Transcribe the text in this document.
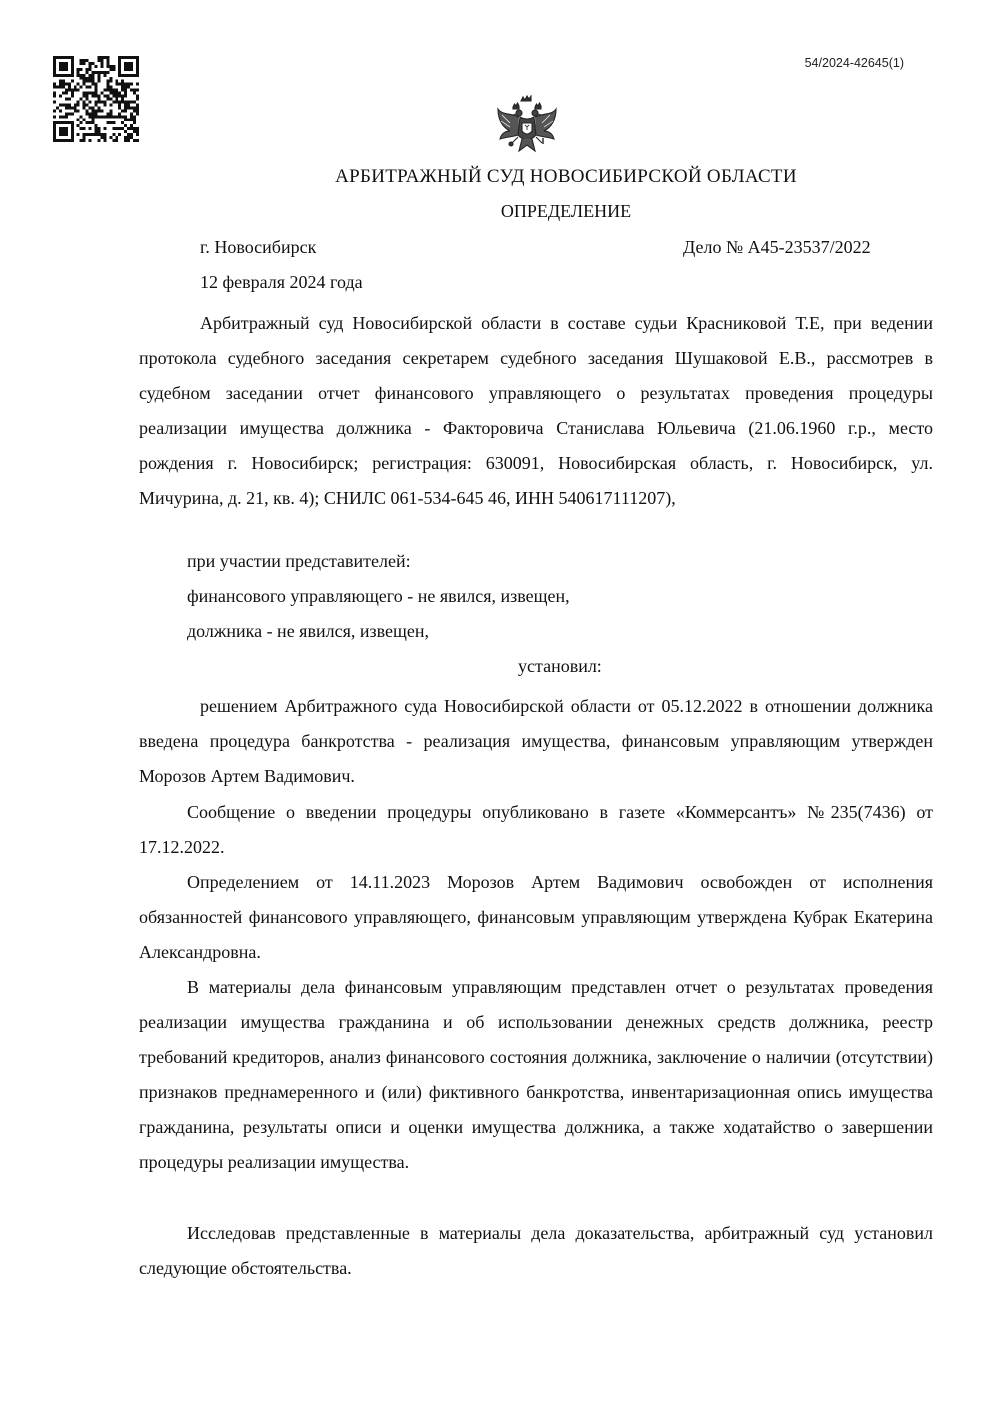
54/2024-42645(1)
АРБИТРАЖНЫЙ СУД НОВОСИБИРСКОЙ ОБЛАСТИ
ОПРЕДЕЛЕНИЕ
г. Новосибирск	Дело № А45-23537/2022
12 февраля 2024 года

Арбитражный суд Новосибирской области в составе судьи Красниковой Т.Е, при ведении протокола судебного заседания секретарем судебного заседания Шушаковой Е.В., рассмотрев в судебном заседании отчет финансового управляющего о результатах проведения процедуры реализации имущества должника - Факторовича Станислава Юльевича (21.06.1960 г.р., место рождения г. Новосибирск; регистрация: 630091, Новосибирская область, г. Новосибирск, ул. Мичурина, д. 21, кв. 4); СНИЛС 061-534-645 46, ИНН 540617111207),

при участии представителей:
финансового управляющего - не явился, извещен,
должника - не явился, извещен,
установил:

решением Арбитражного суда Новосибирской области от 05.12.2022 в отношении должника введена процедура банкротства - реализация имущества, финансовым управляющим утвержден Морозов Артем Вадимович.

Сообщение о введении процедуры опубликовано в газете «Коммерсантъ» №235(7436) от 17.12.2022.

Определением от 14.11.2023 Морозов Артем Вадимович освобожден от исполнения обязанностей финансового управляющего, финансовым управляющим утверждена Кубрак Екатерина Александровна.

В материалы дела финансовым управляющим представлен отчет о результатах проведения реализации имущества гражданина и об использовании денежных средств должника, реестр требований кредиторов, анализ финансового состояния должника, заключение о наличии (отсутствии) признаков преднамеренного и (или) фиктивного банкротства, инвентаризационная опись имущества гражданина, результаты описи и оценки имущества должника, а также ходатайство о завершении процедуры реализации имущества.

Исследовав представленные в материалы дела доказательства, арбитражный суд установил следующие обстоятельства.
